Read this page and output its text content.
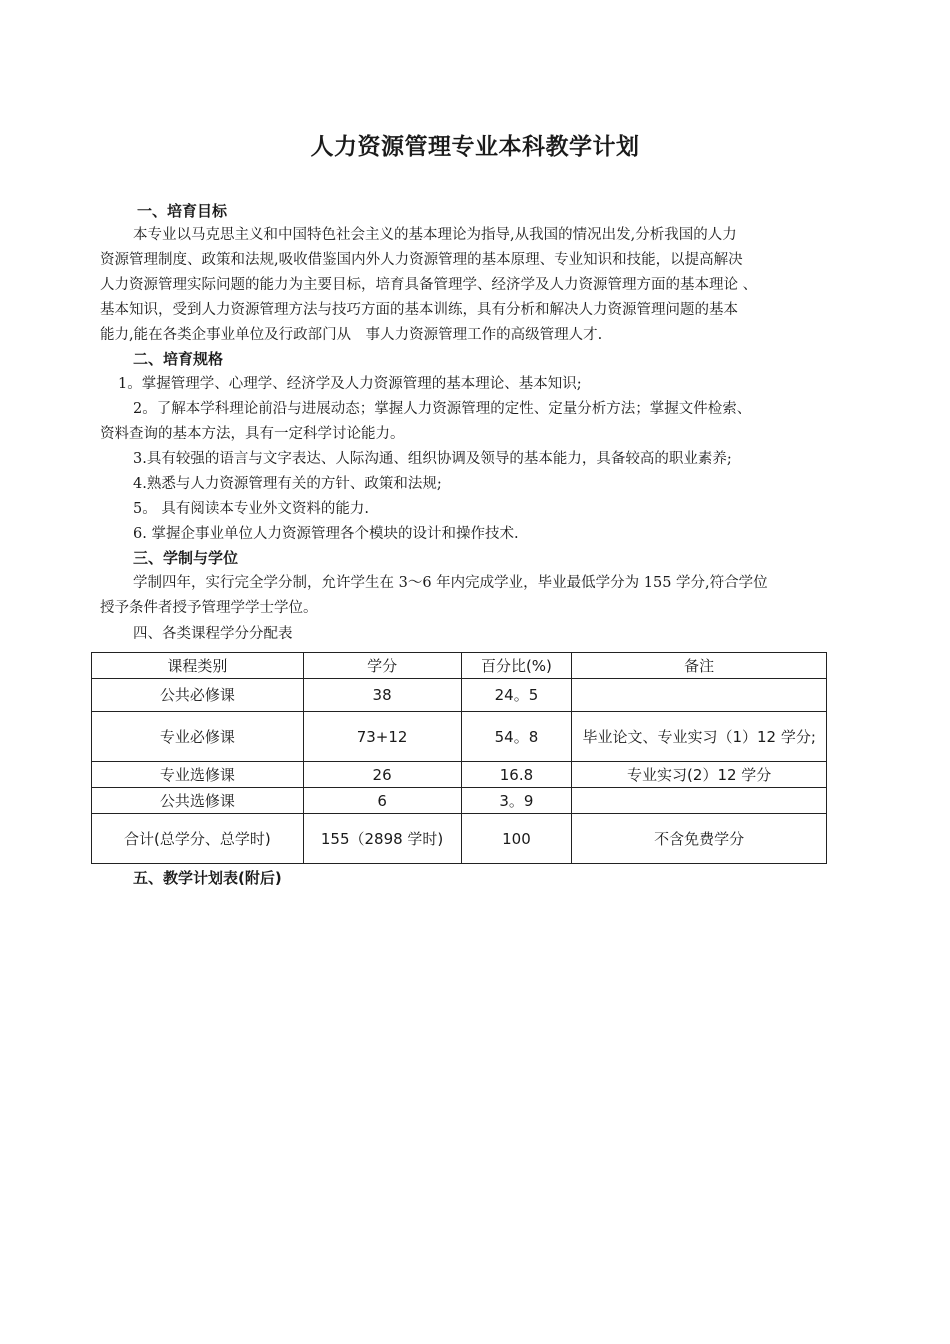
人力资源管理专业本科教学计划
一、培育目标
本专业以马克思主义和中国特色社会主义的基本理论为指导,从我国的情况出发,分析我国的人力
资源管理制度、政策和法规,吸收借鉴国内外人力资源管理的基本原理、专业知识和技能，以提高解决
人力资源管理实际问题的能力为主要目标，培育具备管理学、经济学及人力资源管理方面的基本理论 、
基本知识，受到人力资源管理方法与技巧方面的基本训练，具有分析和解决人力资源管理问题的基本
能力,能在各类企事业单位及行政部门从　事人力资源管理工作的高级管理人才.
二、培育规格
1。掌握管理学、心理学、经济学及人力资源管理的基本理论、基本知识;
2。了解本学科理论前沿与进展动态；掌握人力资源管理的定性、定量分析方法；掌握文件检索、
资料查询的基本方法，具有一定科学讨论能力。
3.具有较强的语言与文字表达、人际沟通、组织协调及领导的基本能力，具备较高的职业素养;
4.熟悉与人力资源管理有关的方针、政策和法规;
5。 具有阅读本专业外文资料的能力.
6. 掌握企事业单位人力资源管理各个模块的设计和操作技术.
三、学制与学位
学制四年，实行完全学分制，允许学生在 3～6 年内完成学业，毕业最低学分为 155 学分,符合学位
授予条件者授予管理学学士学位。
四、各类课程学分分配表
课程类别	学分	百分比(%)	备注
公共必修课	38	24。5	
专业必修课	73+12	54。8	毕业论文、专业实习（1）12 学分;
专业选修课	26	16.8	专业实习(2）12 学分
公共选修课	6	3。9	
合计(总学分、总学时)	155（2898 学时)	100	不含免费学分
五、教学计划表(附后)
